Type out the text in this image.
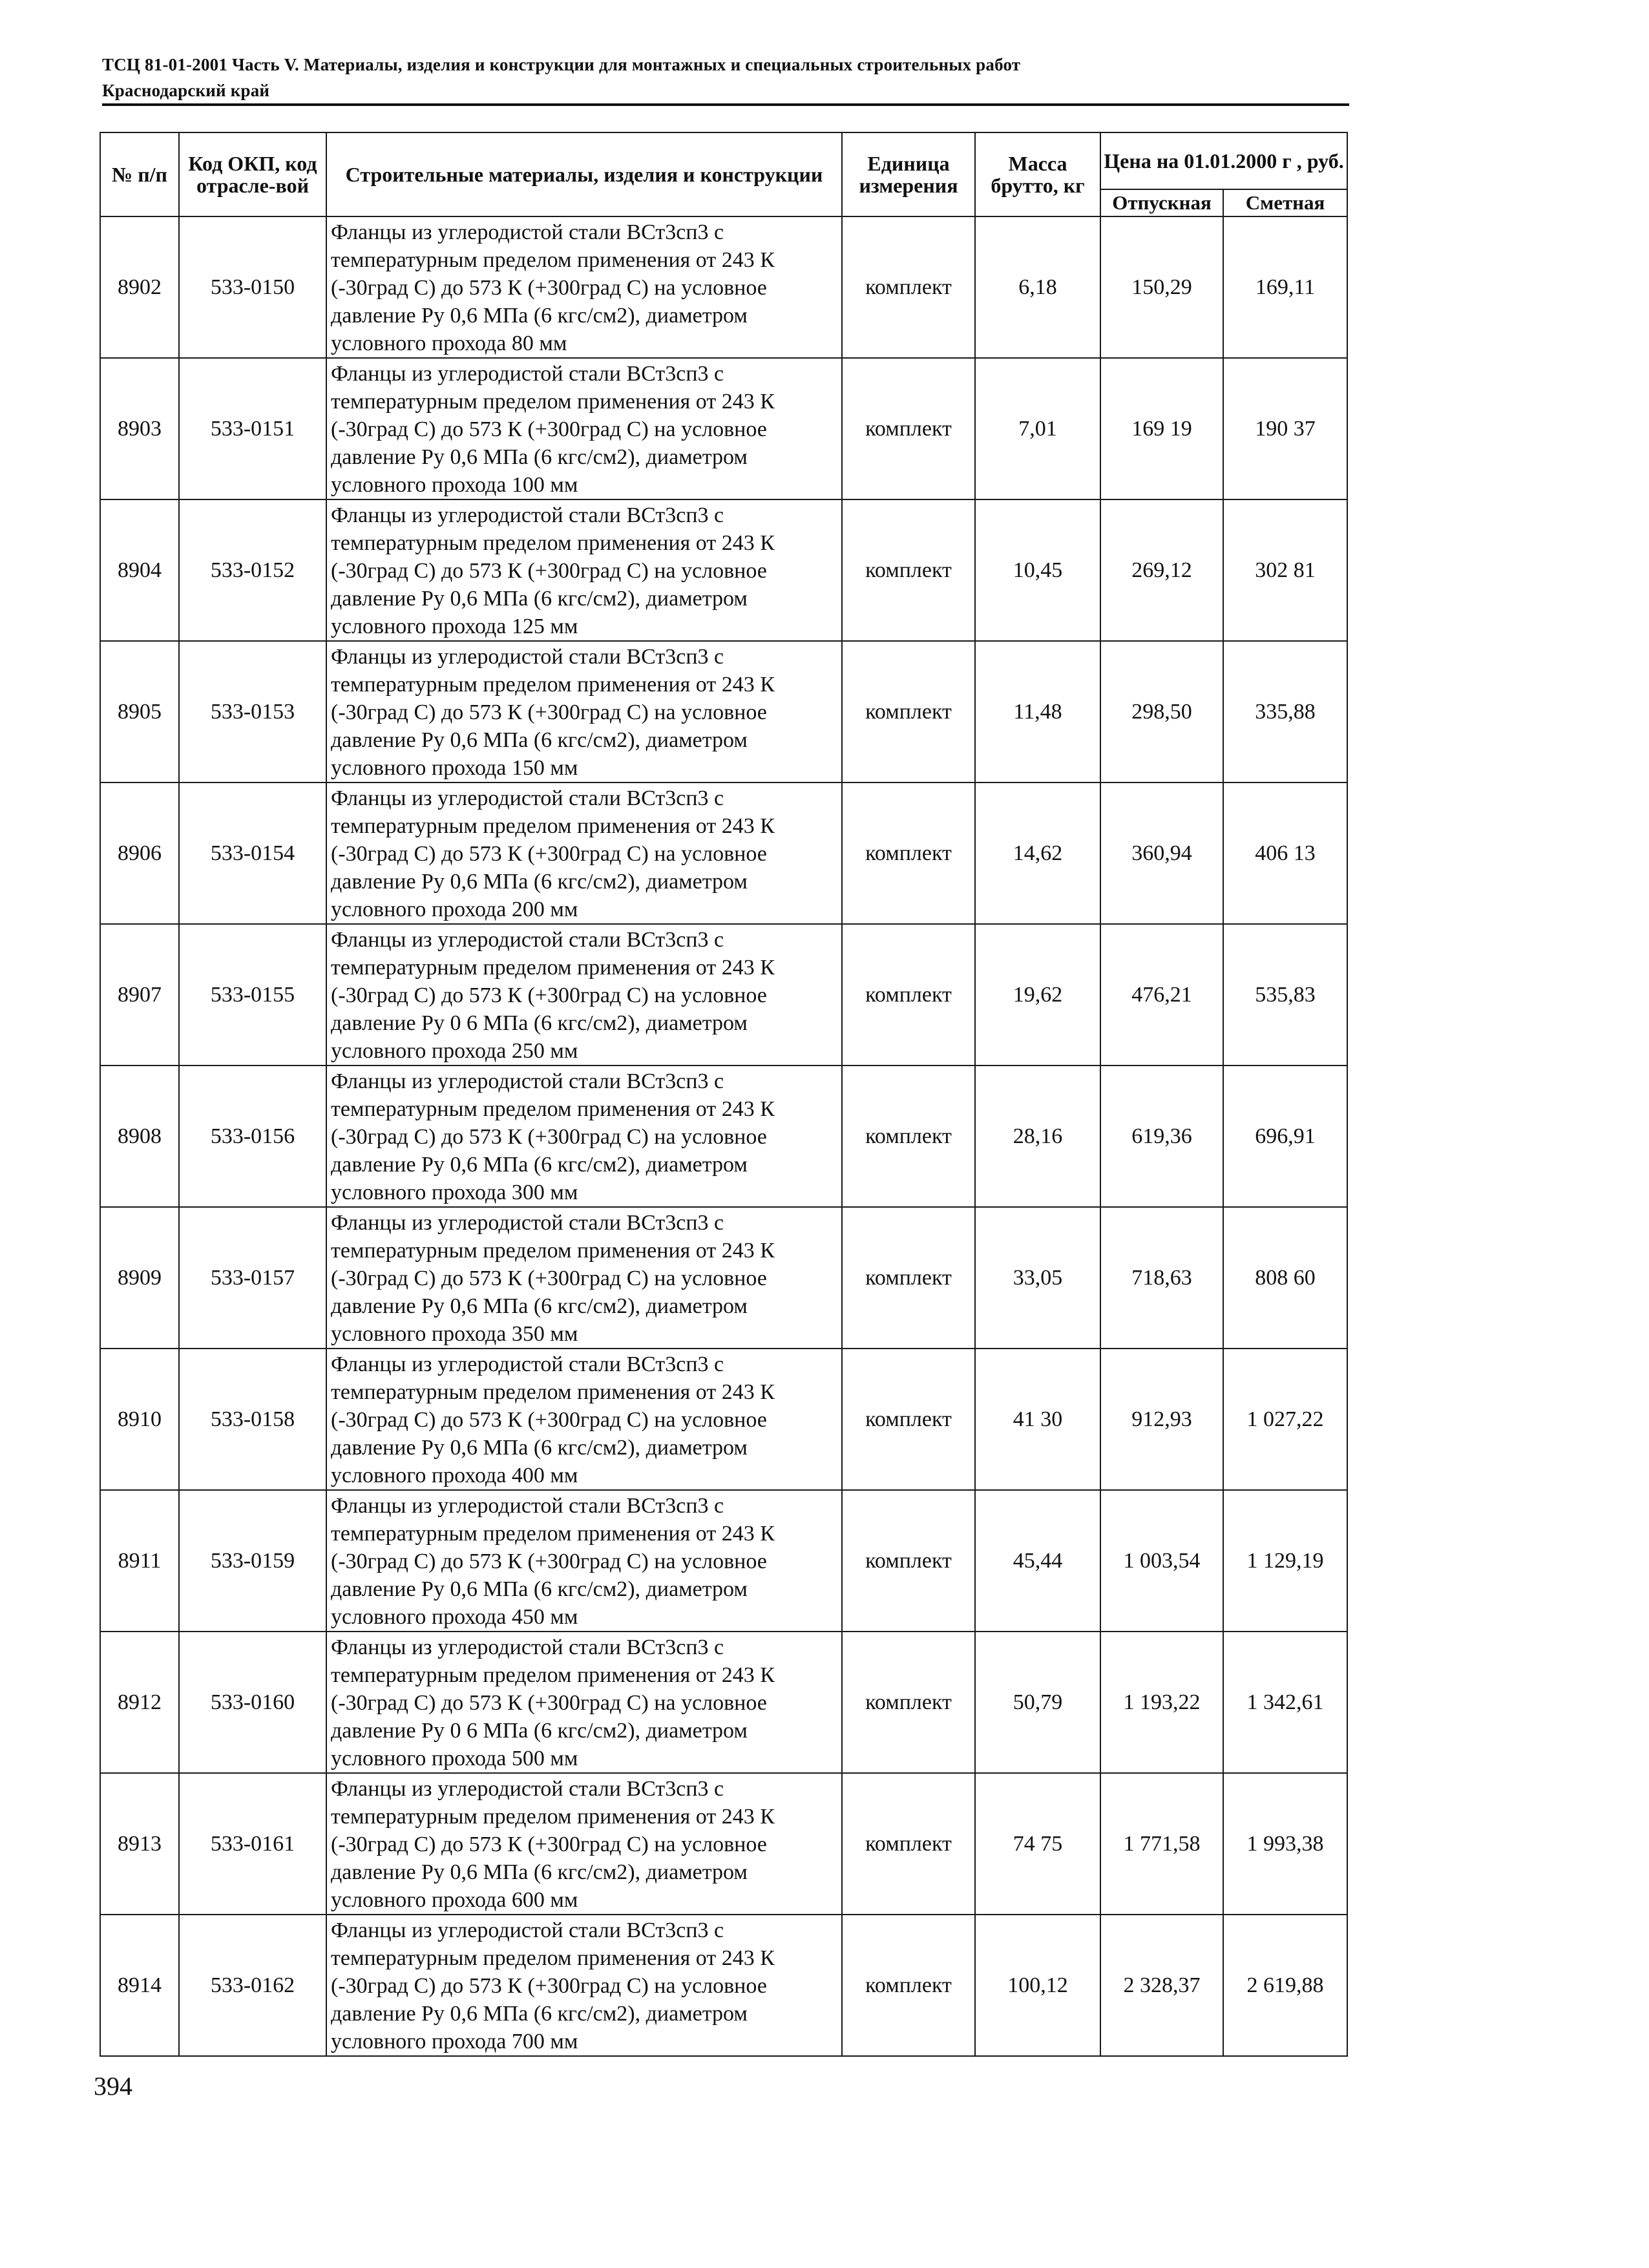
ТСЦ 81-01-2001 Часть V. Материалы, изделия и конструкции для монтажных и специальных строительных работ
Краснодарский край
№ п/п	Код ОКП, код отрасле-вой	Строительные материалы, изделия и конструкции	Единица измерения	Масса брутто, кг	Цена на 01.01.2000 г , руб.	
					Отпускная	Сметная
8902	533-0150	Фланцы из углеродистой стали ВСт3сп3 с температурным пределом применения от 243 К (-30град С) до 573 К (+300град С) на условное давление Ру 0,6 МПа (6 кгс/см2), диаметром условного прохода 80 мм	комплект	6,18	150,29	169,11
8903	533-0151	Фланцы из углеродистой стали ВСт3сп3 с температурным пределом применения от 243 К (-30град С) до 573 К (+300град С) на условное давление Ру 0,6 МПа (6 кгс/см2), диаметром условного прохода 100 мм	комплект	7,01	169 19	190 37
8904	533-0152	Фланцы из углеродистой стали ВСт3сп3 с температурным пределом применения от 243 К (-30град С) до 573 К (+300град С) на условное давление Ру 0,6 МПа (6 кгс/см2), диаметром условного прохода 125 мм	комплект	10,45	269,12	302 81
8905	533-0153	Фланцы из углеродистой стали ВСт3сп3 с температурным пределом применения от 243 К (-30град С) до 573 К (+300град С) на условное давление Ру 0,6 МПа (6 кгс/см2), диаметром условного прохода 150 мм	комплект	11,48	298,50	335,88
8906	533-0154	Фланцы из углеродистой стали ВСт3сп3 с температурным пределом применения от 243 К (-30град С) до 573 К (+300град С) на условное давление Ру 0,6 МПа (6 кгс/см2), диаметром условного прохода 200 мм	комплект	14,62	360,94	406 13
8907	533-0155	Фланцы из углеродистой стали ВСт3сп3 с температурным пределом применения от 243 К (-30град С) до 573 К (+300град С) на условное давление Ру 0 6 МПа (6 кгс/см2), диаметром условного прохода 250 мм	комплект	19,62	476,21	535,83
8908	533-0156	Фланцы из углеродистой стали ВСт3сп3 с температурным пределом применения от 243 К (-30град С) до 573 К (+300град С) на условное давление Ру 0,6 МПа (6 кгс/см2), диаметром условного прохода 300 мм	комплект	28,16	619,36	696,91
8909	533-0157	Фланцы из углеродистой стали ВСт3сп3 с температурным пределом применения от 243 К (-30град С) до 573 К (+300град С) на условное давление Ру 0,6 МПа (6 кгс/см2), диаметром условного прохода 350 мм	комплект	33,05	718,63	808 60
8910	533-0158	Фланцы из углеродистой стали ВСт3сп3 с температурным пределом применения от 243 К (-30град С) до 573 К (+300град С) на условное давление Ру 0,6 МПа (6 кгс/см2), диаметром условного прохода 400 мм	комплект	41 30	912,93	1 027,22
8911	533-0159	Фланцы из углеродистой стали ВСт3сп3 с температурным пределом применения от 243 К (-30град С) до 573 К (+300град С) на условное давление Ру 0,6 МПа (6 кгс/см2), диаметром условного прохода 450 мм	комплект	45,44	1 003,54	1 129,19
8912	533-0160	Фланцы из углеродистой стали ВСт3сп3 с температурным пределом применения от 243 К (-30град С) до 573 К (+300град С) на условное давление Ру 0 6 МПа (6 кгс/см2), диаметром условного прохода 500 мм	комплект	50,79	1 193,22	1 342,61
8913	533-0161	Фланцы из углеродистой стали ВСт3сп3 с температурным пределом применения от 243 К (-30град С) до 573 К (+300град С) на условное давление Ру 0,6 МПа (6 кгс/см2), диаметром условного прохода 600 мм	комплект	74 75	1 771,58	1 993,38
8914	533-0162	Фланцы из углеродистой стали ВСт3сп3 с температурным пределом применения от 243 К (-30град С) до 573 К (+300град С) на условное давление Ру 0,6 МПа (6 кгс/см2), диаметром условного прохода 700 мм	комплект	100,12	2 328,37	2 619,88
394
